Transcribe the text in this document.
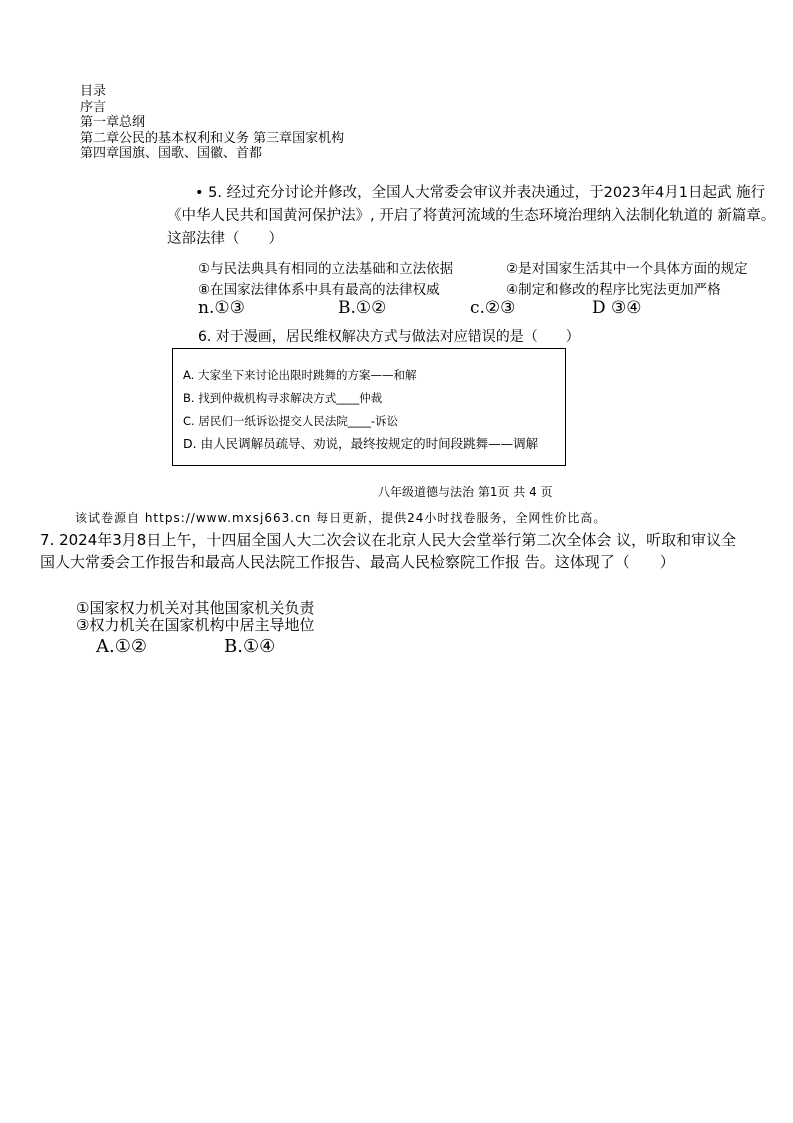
目录
序言
第一章总纲
第二章公民的基本权利和义务 第三章国家机构
第四章国旗、国歌、国徽、首都
• 5. 经过充分讨论并修改，全国人大常委会审议并表决通过，于2023年4月1日起武 施行《中华人民共和国黄河保护法》, 开启了将黄河流域的生态环境治理纳入法制化轨道的 新篇章。这部法律（　　）
①与民法典具有相同的立法基础和立法依据	②是对国家生活其中一个具体方面的规定
⑧在国家法律体系中具有最高的法律权威	④制定和修改的程序比宪法更加严格
n.①③	B.①②	c.②③	D ③④
6. 对于漫画，居民维权解决方式与做法对应错误的是（　　）
A. 大家坐下来讨论出限时跳舞的方案——和解
B. 找到仲裁机构寻求解决方式____仲裁
C. 居民们一纸诉讼提交人民法院____-诉讼
D. 由人民调解员疏导、劝说，最终按规定的时间段跳舞——调解
八年级道德与法治 第1页 共 4 页
该试卷源自 https://www.mxsj663.cn 每日更新，提供24小时找卷服务，全网性价比高。
7. 2024年3月8日上午，十四届全国人大二次会议在北京人民大会堂举行第二次全体会 议，听取和审议全国人大常委会工作报告和最高人民法院工作报告、最高人民检察院工作报 告。这体现了（　　）
①国家权力机关对其他国家机关负责
③权力机关在国家机构中居主导地位
A.①②	B.①④
